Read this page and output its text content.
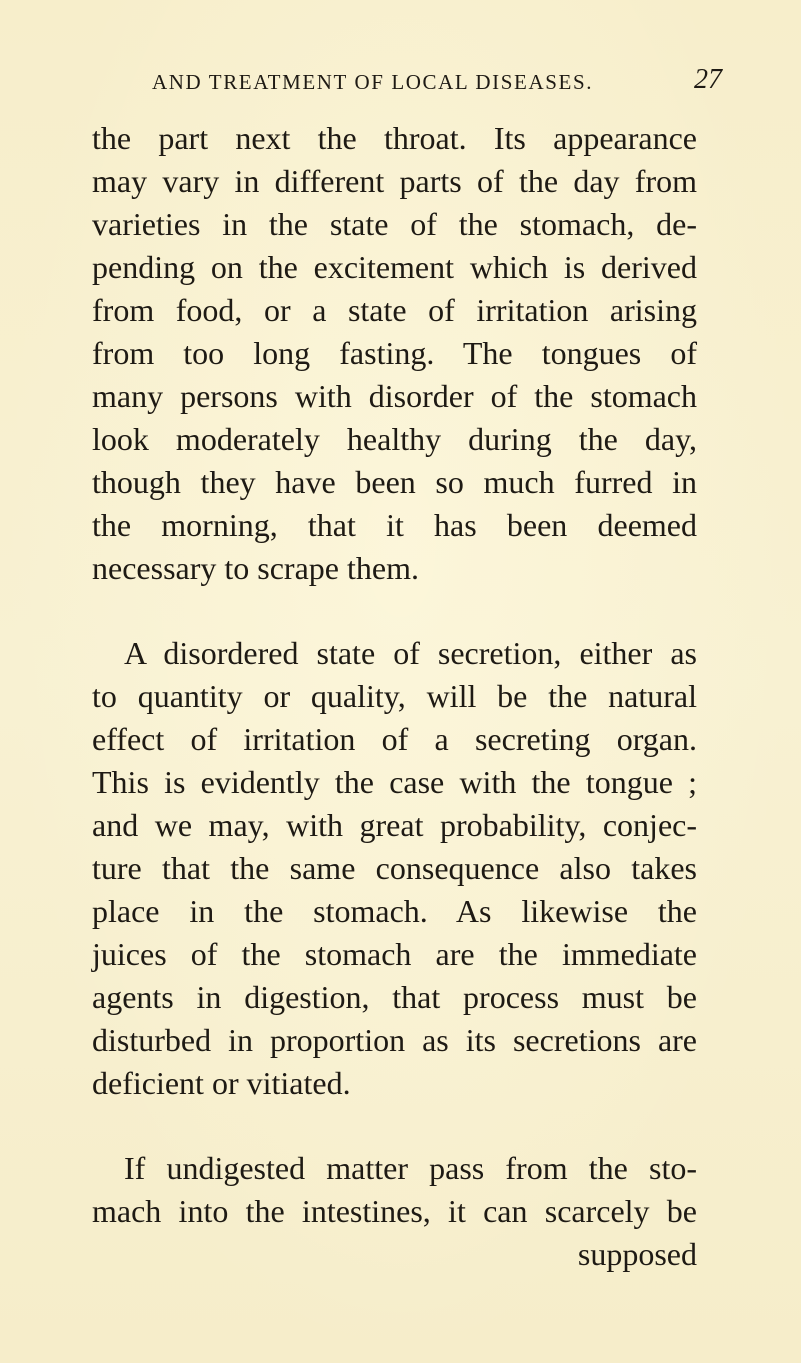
AND TREATMENT OF LOCAL DISEASES.	27
the part next the throat. Its appearance
may vary in different parts of the day from
varieties in the state of the stomach, de-
pending on the excitement which is derived
from food, or a state of irritation arising
from too long fasting. The tongues of
many persons with disorder of the stomach
look moderately healthy during the day,
though they have been so much furred in
the morning, that it has been deemed
necessary to scrape them.
A disordered state of secretion, either as
to quantity or quality, will be the natural
effect of irritation of a secreting organ.
This is evidently the case with the tongue ;
and we may, with great probability, conjec-
ture that the same consequence also takes
place in the stomach. As likewise the
juices of the stomach are the immediate
agents in digestion, that process must be
disturbed in proportion as its secretions are
deficient or vitiated.
If undigested matter pass from the sto-
mach into the intestines, it can scarcely be
supposed
